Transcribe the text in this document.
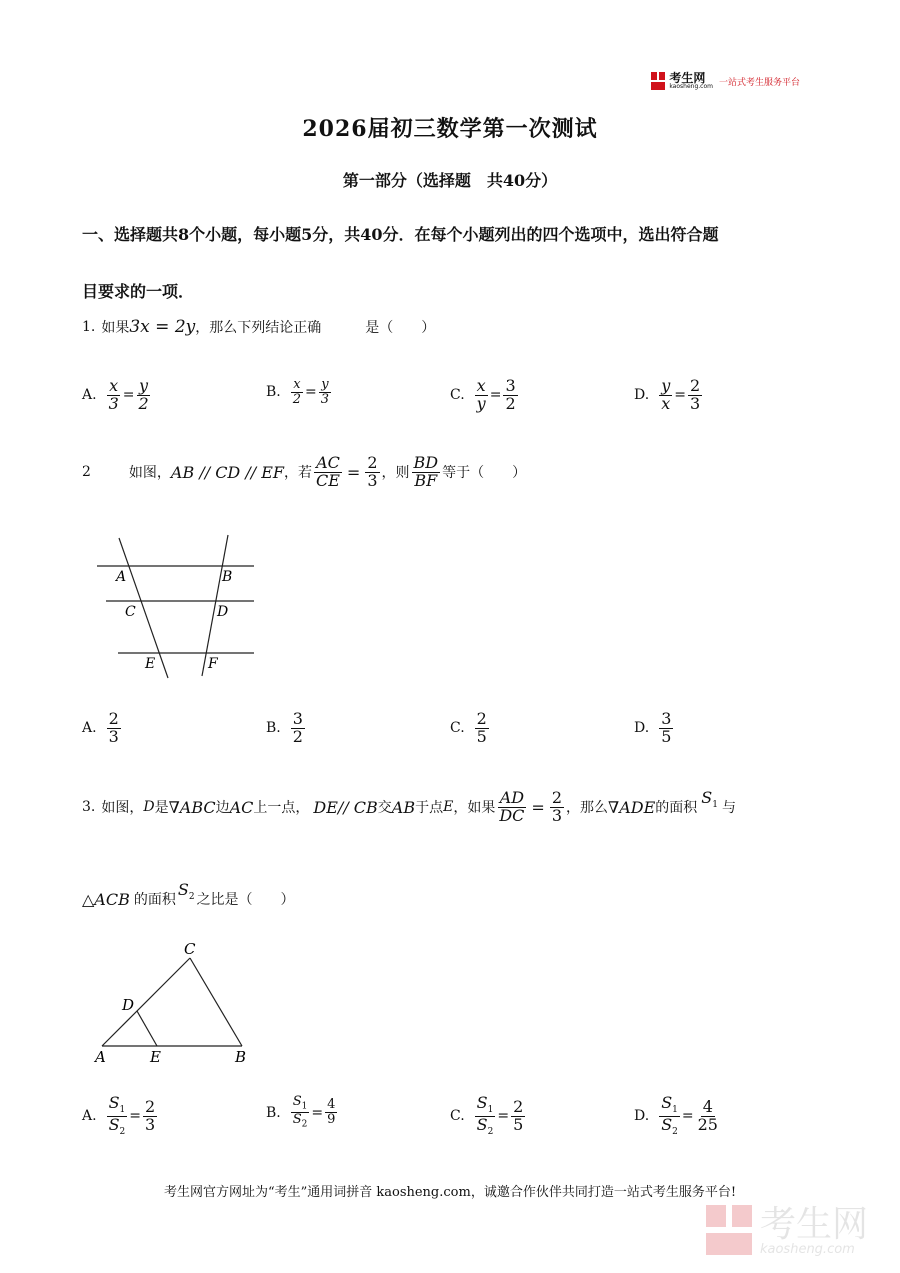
考生网
kaosheng.com 一站式考生服务平台
2026届初三数学第一次测试
第一部分（选择题　共40分）
一、选择题共8个小题，每小题5分，共40分．在每个小题列出的四个选项中，选出符合题
目要求的一项．
1. 如果 3x = 2y ，那么下列结论正确	是（　　）
A. $\frac{x}{3} = \frac{y}{2}$	B. $\frac{x}{2} = \frac{y}{3}$	C. $\frac{x}{y} = \frac{3}{2}$	D. $\frac{y}{x} = \frac{2}{3}$
2	如图， AB // CD // EF ，若 $\frac{AC}{CE} = \frac{2}{3}$ ，则 $\frac{BD}{BF}$ 等于（　　）
A	B
C	D
E	F
A. $\frac{2}{3}$	B. $\frac{3}{2}$	C. $\frac{2}{5}$	D. $\frac{3}{5}$
3. 如图， D 是 ∇ABC 边 AC 上一点， DE// CB 交 AB 于点 E ，如果 $\frac{AD}{DC} = \frac{2}{3}$ ，那么 ∇ADE 的面积
$S_1$ 与
△ACB 的面积
$S_2$ 之比是（　　）
C
D
A	E	B
A. $\frac{S_1}{S_2} = \frac{2}{3}$	B. $\frac{S_1}{S_2} = \frac{4}{9}$	C. $\frac{S_1}{S_2} = \frac{2}{5}$	D. $\frac{S_1}{S_2} = \frac{4}{25}$
考生网官方网址为“考生”通用词拼音 kaosheng.com，诚邀合作伙伴共同打造一站式考生服务平台!
考生网
kaosheng.com
